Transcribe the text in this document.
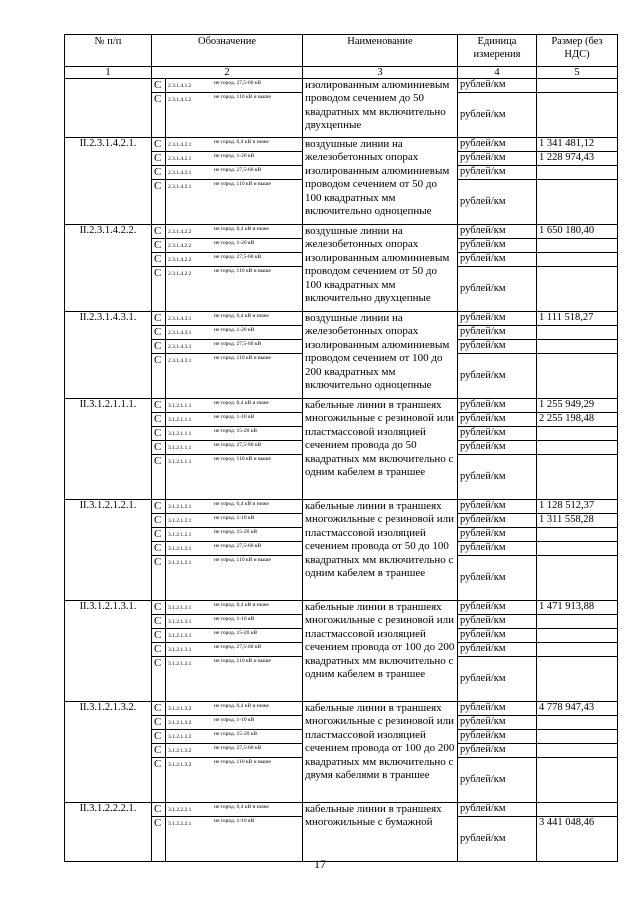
№ п/п	Обозначение		Наименование	Единица измерения	Размер (без НДС)
1	2		3	4	5
	С	2.3.1.4.1.2 не город. 27,5-60 кВ	изолированным алюминиевым проводом сечением до 50 квадратных мм включительно двухцепные	рублей/км	
	С	2.3.1.4.1.2 не город. 110 кВ и выше		рублей/км	
II.2.3.1.4.2.1.	С	2.3.1.4.2.1 не город. 0,4 кВ и ниже	воздушные линии на железобетонных опорах изолированным алюминиевым проводом сечением от 50 до 100 квадратных мм включительно одноцепные	рублей/км	1 341 481,12
	С	2.3.1.4.2.1 не город. 1-20 кВ		рублей/км	1 228 974,43
	С	2.3.1.4.2.1 не город. 27,5-60 кВ		рублей/км	
	С	2.3.1.4.2.1 не город. 110 кВ и выше		рублей/км	
II.2.3.1.4.2.2.	С	2.3.1.4.2.2 не город. 0,4 кВ и ниже	воздушные линии на железобетонных опорах изолированным алюминиевым проводом сечением от 50 до 100 квадратных мм включительно двухцепные	рублей/км	1 650 180,40
	С	2.3.1.4.2.2 не город. 1-20 кВ		рублей/км	
	С	2.3.1.4.2.2 не город. 27,5-60 кВ		рублей/км	
	С	2.3.1.4.2.2 не город. 110 кВ и выше		рублей/км	
II.2.3.1.4.3.1.	С	2.3.1.4.3.1 не город. 0,4 кВ и ниже	воздушные линии на железобетонных опорах изолированным алюминиевым проводом сечением от 100 до 200 квадратных мм включительно одноцепные	рублей/км	1 111 518,27
	С	2.3.1.4.3.1 не город. 1-20 кВ		рублей/км	
	С	2.3.1.4.3.1 не город. 27,5-60 кВ		рублей/км	
	С	2.3.1.4.3.1 не город. 110 кВ и выше		рублей/км	
II.3.1.2.1.1.1.	С	3.1.2.1.1.1 не город. 0,4 кВ и ниже	кабельные линии в траншеях многожильные с резиновой или пластмассовой изоляцией сечением провода до 50 квадратных мм включительно с одним кабелем в траншее	рублей/км	1 255 949,29
	С	3.1.2.1.1.1 не город. 1-10 кВ		рублей/км	2 255 198,48
	С	3.1.2.1.1.1 не город. 15-20 кВ		рублей/км	
	С	3.1.2.1.1.1 не город. 27,5-60 кВ		рублей/км	
	С	3.1.2.1.1.1 не город. 110 кВ и выше		рублей/км	
II.3.1.2.1.2.1.	С	3.1.2.1.2.1 не город. 0,4 кВ и ниже	кабельные линии в траншеях многожильные с резиновой или пластмассовой изоляцией сечением провода от 50 до 100 квадратных мм включительно с одним кабелем в траншее	рублей/км	1 128 512,37
	С	3.1.2.1.2.1 не город. 1-10 кВ		рублей/км	1 311 558,28
	С	3.1.2.1.2.1 не город. 15-20 кВ		рублей/км	
	С	3.1.2.1.2.1 не город. 27,5-60 кВ		рублей/км	
	С	3.1.2.1.2.1 не город. 110 кВ и выше		рублей/км	
II.3.1.2.1.3.1.	С	3.1.2.1.3.1 не город. 0,4 кВ и ниже	кабельные линии в траншеях многожильные с резиновой или пластмассовой изоляцией сечением провода от 100 до 200 квадратных мм включительно с одним кабелем в траншее	рублей/км	1 471 913,88
	С	3.1.2.1.3.1 не город. 1-10 кВ		рублей/км	
	С	3.1.2.1.3.1 не город. 15-20 кВ		рублей/км	
	С	3.1.2.1.3.1 не город. 27,5-60 кВ		рублей/км	
	С	3.1.2.1.3.1 не город. 110 кВ и выше		рублей/км	
II.3.1.2.1.3.2.	С	3.1.2.1.3.2 не город. 0,4 кВ и ниже	кабельные линии в траншеях многожильные с резиновой или пластмассовой изоляцией сечением провода от 100 до 200 квадратных мм включительно с двумя кабелями в траншее	рублей/км	4 778 947,43
	С	3.1.2.1.3.2 не город. 1-10 кВ		рублей/км	
	С	3.1.2.1.3.2 не город. 15-20 кВ		рублей/км	
	С	3.1.2.1.3.2 не город. 27,5-60 кВ		рублей/км	
	С	3.1.2.1.3.2 не город. 110 кВ и выше		рублей/км	
II.3.1.2.2.2.1.	С	3.1.2.2.2.1 не город. 0,4 кВ и ниже	кабельные линии в траншеях многожильные с бумажной	рублей/км	
	С	3.1.2.2.2.1 не город. 1-10 кВ		рублей/км	3 441 048,46
17
